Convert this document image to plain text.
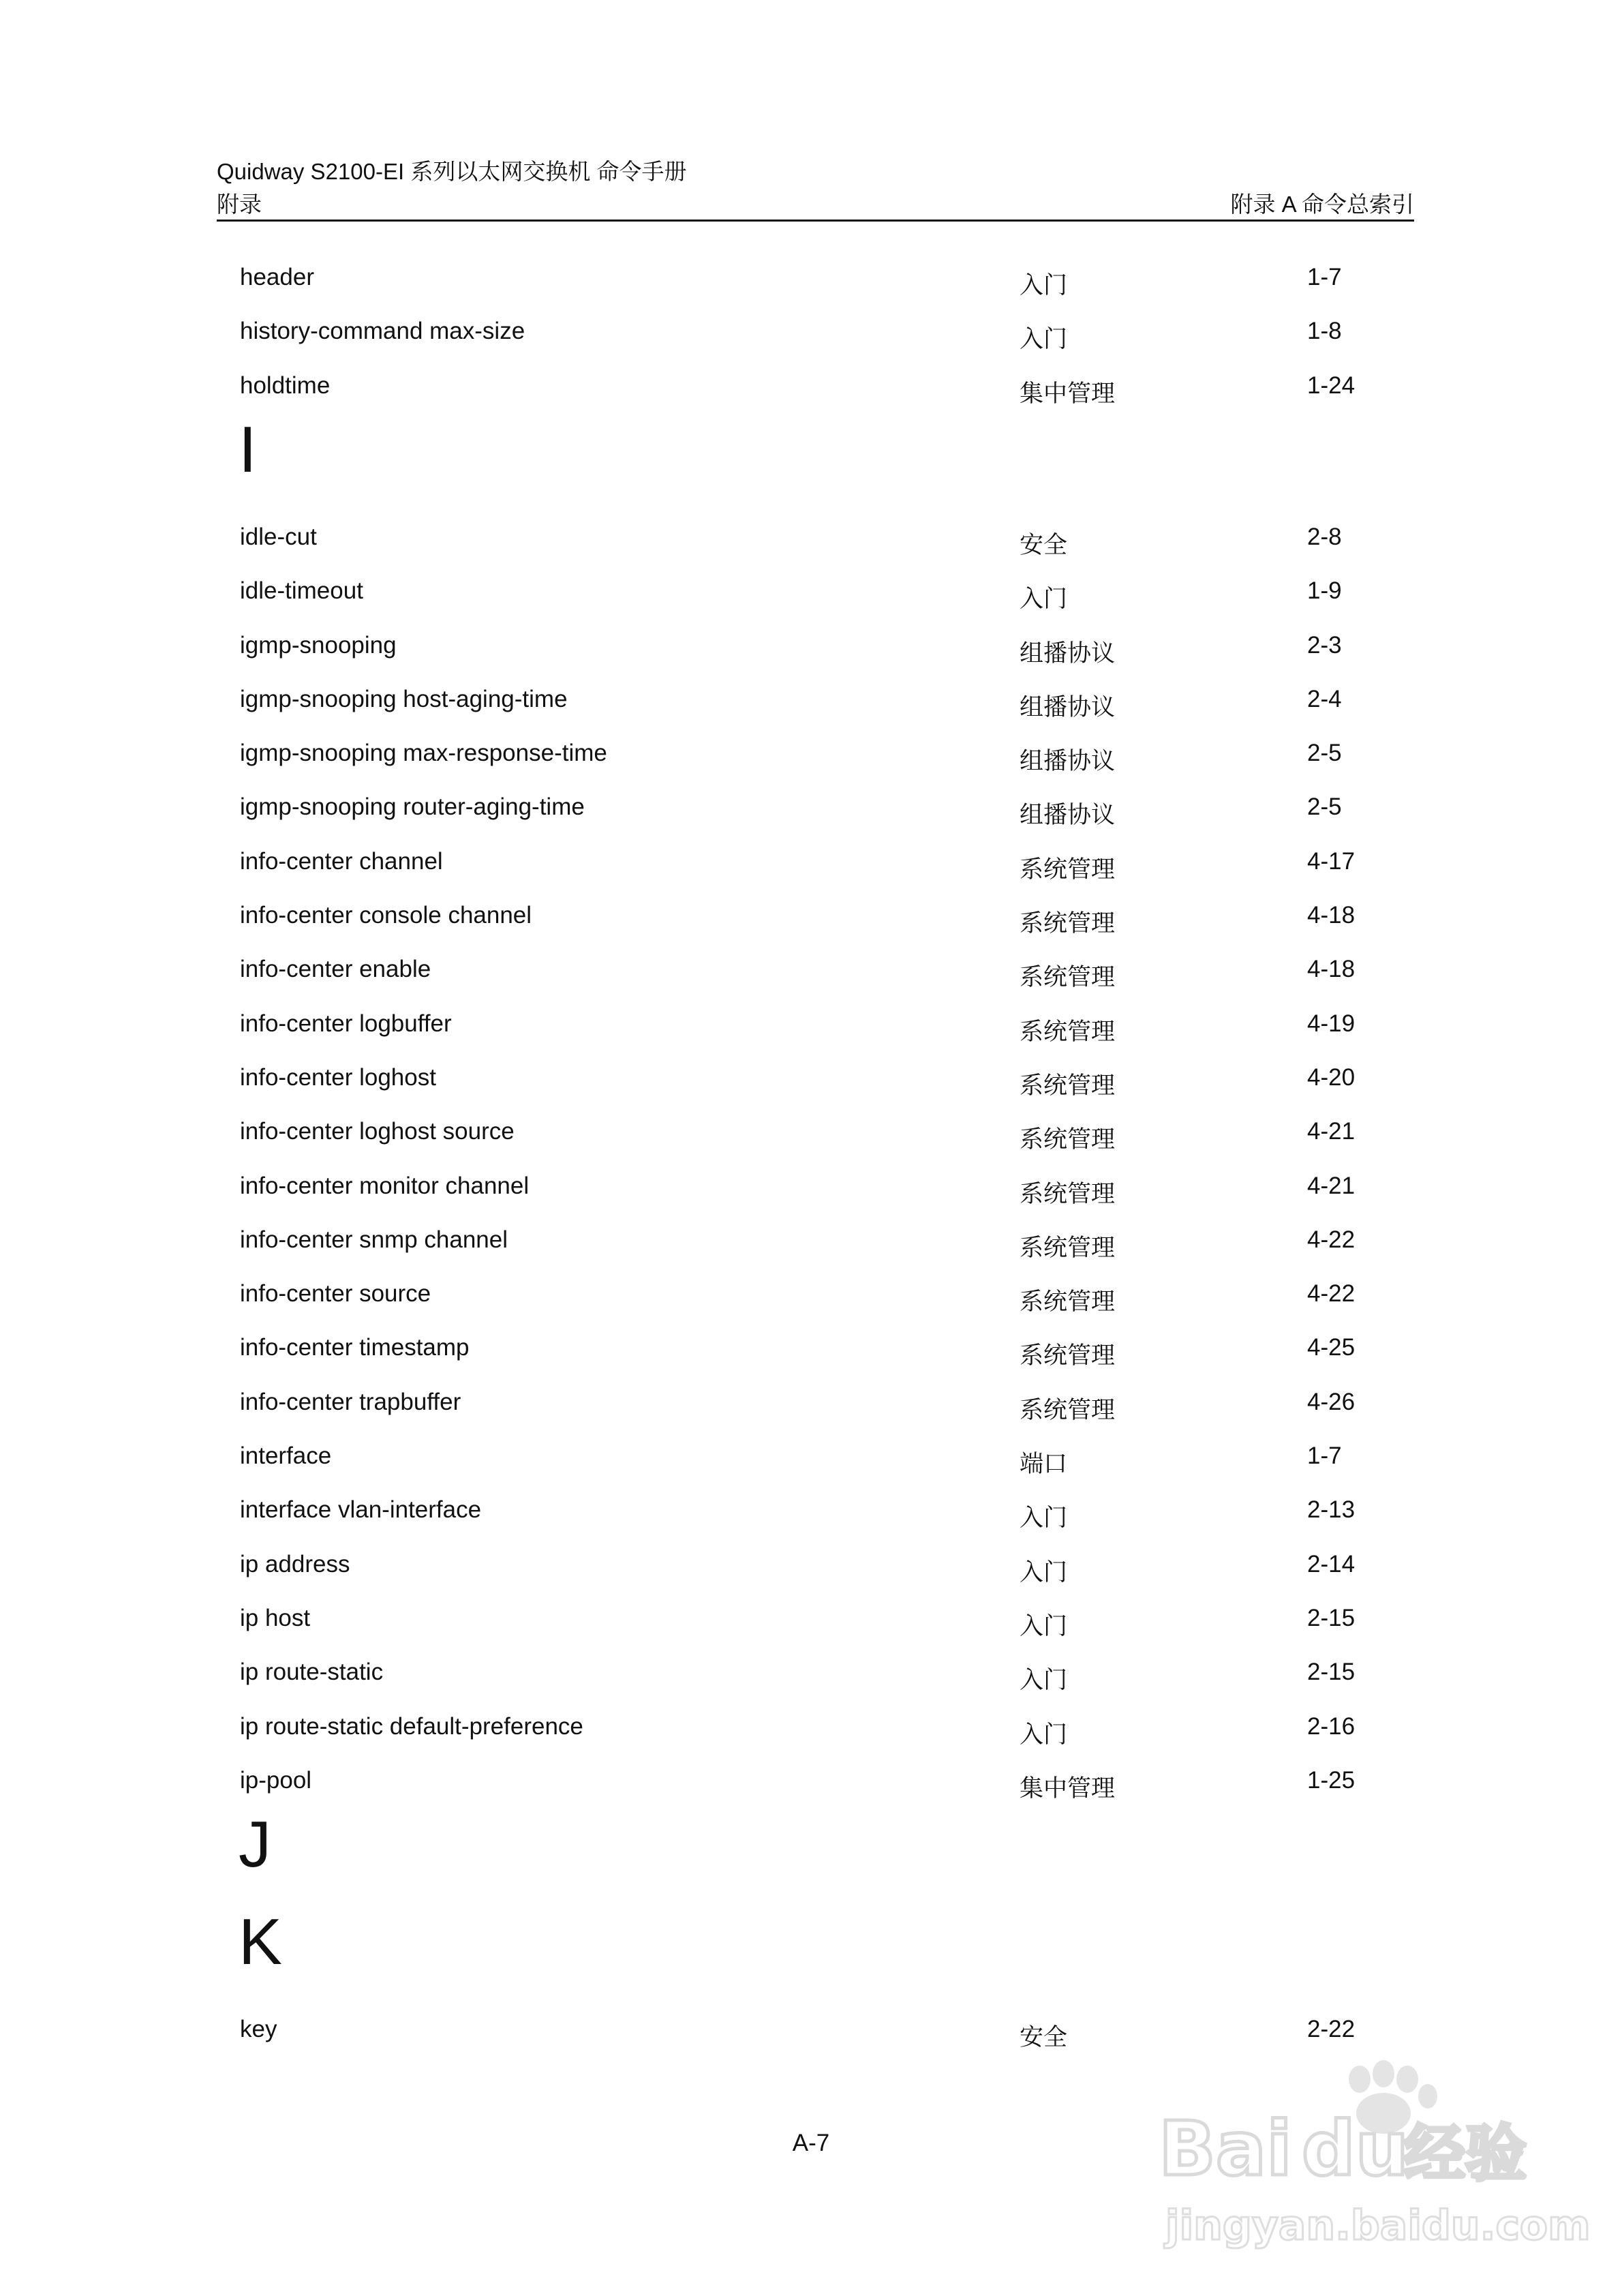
Quidway S2100-EI 系列以太网交换机 命令手册
附录	附录 A 命令总索引
header	入门	1-7
history-command max-size	入门	1-8
holdtime	集中管理	1-24
I
idle-cut	安全	2-8
idle-timeout	入门	1-9
igmp-snooping	组播协议	2-3
igmp-snooping host-aging-time	组播协议	2-4
igmp-snooping max-response-time	组播协议	2-5
igmp-snooping router-aging-time	组播协议	2-5
info-center channel	系统管理	4-17
info-center console channel	系统管理	4-18
info-center enable	系统管理	4-18
info-center logbuffer	系统管理	4-19
info-center loghost	系统管理	4-20
info-center loghost source	系统管理	4-21
info-center monitor channel	系统管理	4-21
info-center snmp channel	系统管理	4-22
info-center source	系统管理	4-22
info-center timestamp	系统管理	4-25
info-center trapbuffer	系统管理	4-26
interface	端口	1-7
interface vlan-interface	入门	2-13
ip address	入门	2-14
ip host	入门	2-15
ip route-static	入门	2-15
ip route-static default-preference	入门	2-16
ip-pool	集中管理	1-25
J
K
key	安全	2-22
A-7	Bai du
经验
jingyan.baidu.com
